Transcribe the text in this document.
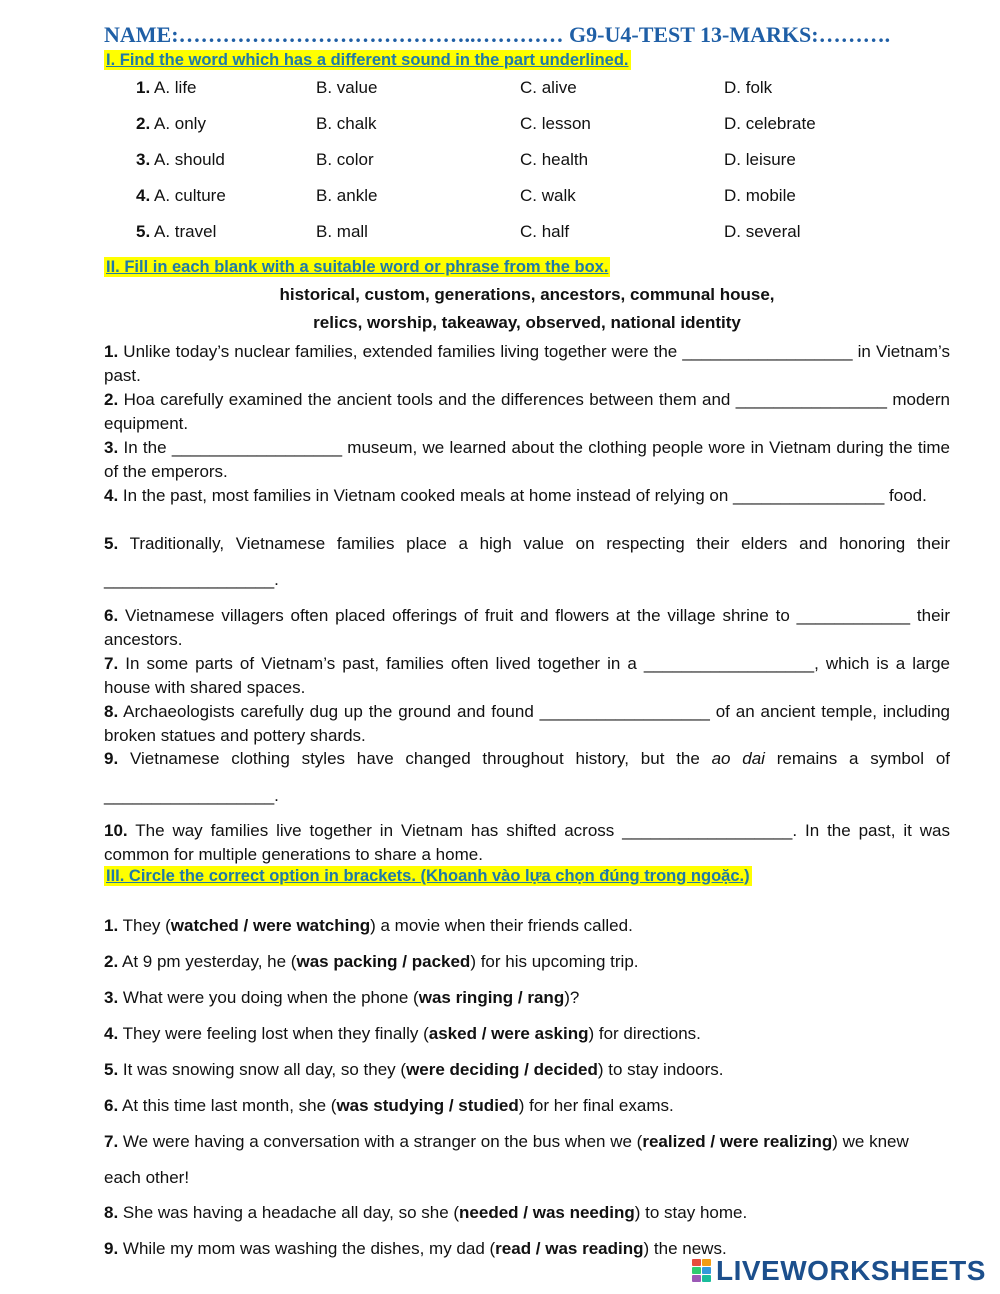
NAME:…………………………………..………… G9-U4-TEST 13-MARKS:……….
I. Find the word which has a different sound in the part underlined.
1. A. life	B. value	C. alive	D. folk
2. A. only	B. chalk	C. lesson	D. celebrate
3. A. should	B. color	C. health	D. leisure
4. A. culture	B. ankle	C. walk	D. mobile
5. A. travel	B. mall	C. half	D. several
II. Fill in each blank with a suitable word or phrase from the box.
historical, custom, generations, ancestors, communal house,
relics, worship, takeaway, observed, national identity
1. Unlike today’s nuclear families, extended families living together were the __________________ in Vietnam’s past.
2. Hoa carefully examined the ancient tools and the differences between them and ________________ modern equipment.
3. In the __________________ museum, we learned about the clothing people wore in Vietnam during the time of the emperors.
4. In the past, most families in Vietnam cooked meals at home instead of relying on ________________ food.
5. Traditionally, Vietnamese families place a high value on respecting their elders and honoring their
__________________.
6. Vietnamese villagers often placed offerings of fruit and flowers at the village shrine to ____________ their ancestors.
7. In some parts of Vietnam’s past, families often lived together in a __________________, which is a large house with shared spaces.
8. Archaeologists carefully dug up the ground and found __________________ of an ancient temple, including broken statues and pottery shards.
9. Vietnamese clothing styles have changed throughout history, but the ao dai remains a symbol of
__________________.
10. The way families live together in Vietnam has shifted across __________________. In the past, it was common for multiple generations to share a home.
III. Circle the correct option in brackets. (Khoanh vào lựa chọn đúng trong ngoặc.)
1. They (watched / were watching) a movie when their friends called.
2. At 9 pm yesterday, he (was packing / packed) for his upcoming trip.
3. What were you doing when the phone (was ringing / rang)?
4. They were feeling lost when they finally (asked / were asking) for directions.
5. It was snowing snow all day, so they (were deciding / decided) to stay indoors.
6. At this time last month, she (was studying / studied) for her final exams.
7. We were having a conversation with a stranger on the bus when we (realized / were realizing) we knew
each other!
8. She was having a headache all day, so she (needed / was needing) to stay home.
9. While my mom was washing the dishes, my dad (read / was reading) the news.
LIVEWORKSHEETS
